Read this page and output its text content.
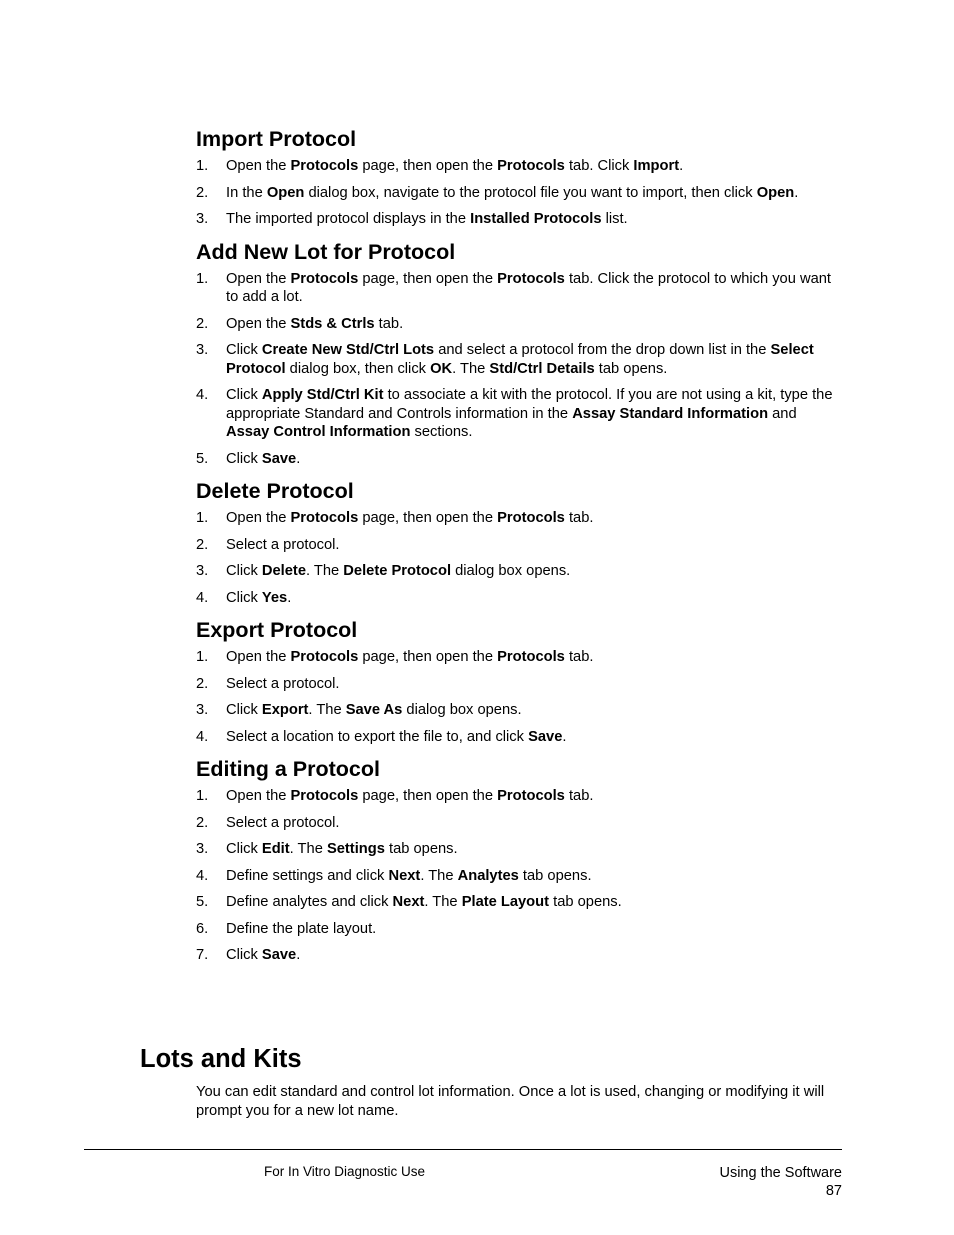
Import Protocol
1. Open the Protocols page, then open the Protocols tab. Click Import.
2. In the Open dialog box, navigate to the protocol file you want to import, then click Open.
3. The imported protocol displays in the Installed Protocols list.
Add New Lot for Protocol
1. Open the Protocols page, then open the Protocols tab. Click the protocol to which you want to add a lot.
2. Open the Stds & Ctrls tab.
3. Click Create New Std/Ctrl Lots and select a protocol from the drop down list in the Select Protocol dialog box, then click OK. The Std/Ctrl Details tab opens.
4. Click Apply Std/Ctrl Kit to associate a kit with the protocol. If you are not using a kit, type the appropriate Standard and Controls information in the Assay Standard Information and Assay Control Information sections.
5. Click Save.
Delete Protocol
1. Open the Protocols page, then open the Protocols tab.
2. Select a protocol.
3. Click Delete. The Delete Protocol dialog box opens.
4. Click Yes.
Export Protocol
1. Open the Protocols page, then open the Protocols tab.
2. Select a protocol.
3. Click Export. The Save As dialog box opens.
4. Select a location to export the file to, and click Save.
Editing a Protocol
1. Open the Protocols page, then open the Protocols tab.
2. Select a protocol.
3. Click Edit. The Settings tab opens.
4. Define settings and click Next. The Analytes tab opens.
5. Define analytes and click Next. The Plate Layout tab opens.
6. Define the plate layout.
7. Click Save.
Lots and Kits

You can edit standard and control lot information. Once a lot is used, changing or modifying it will prompt you for a new lot name.

For In Vitro Diagnostic Use	Using the Software
87
